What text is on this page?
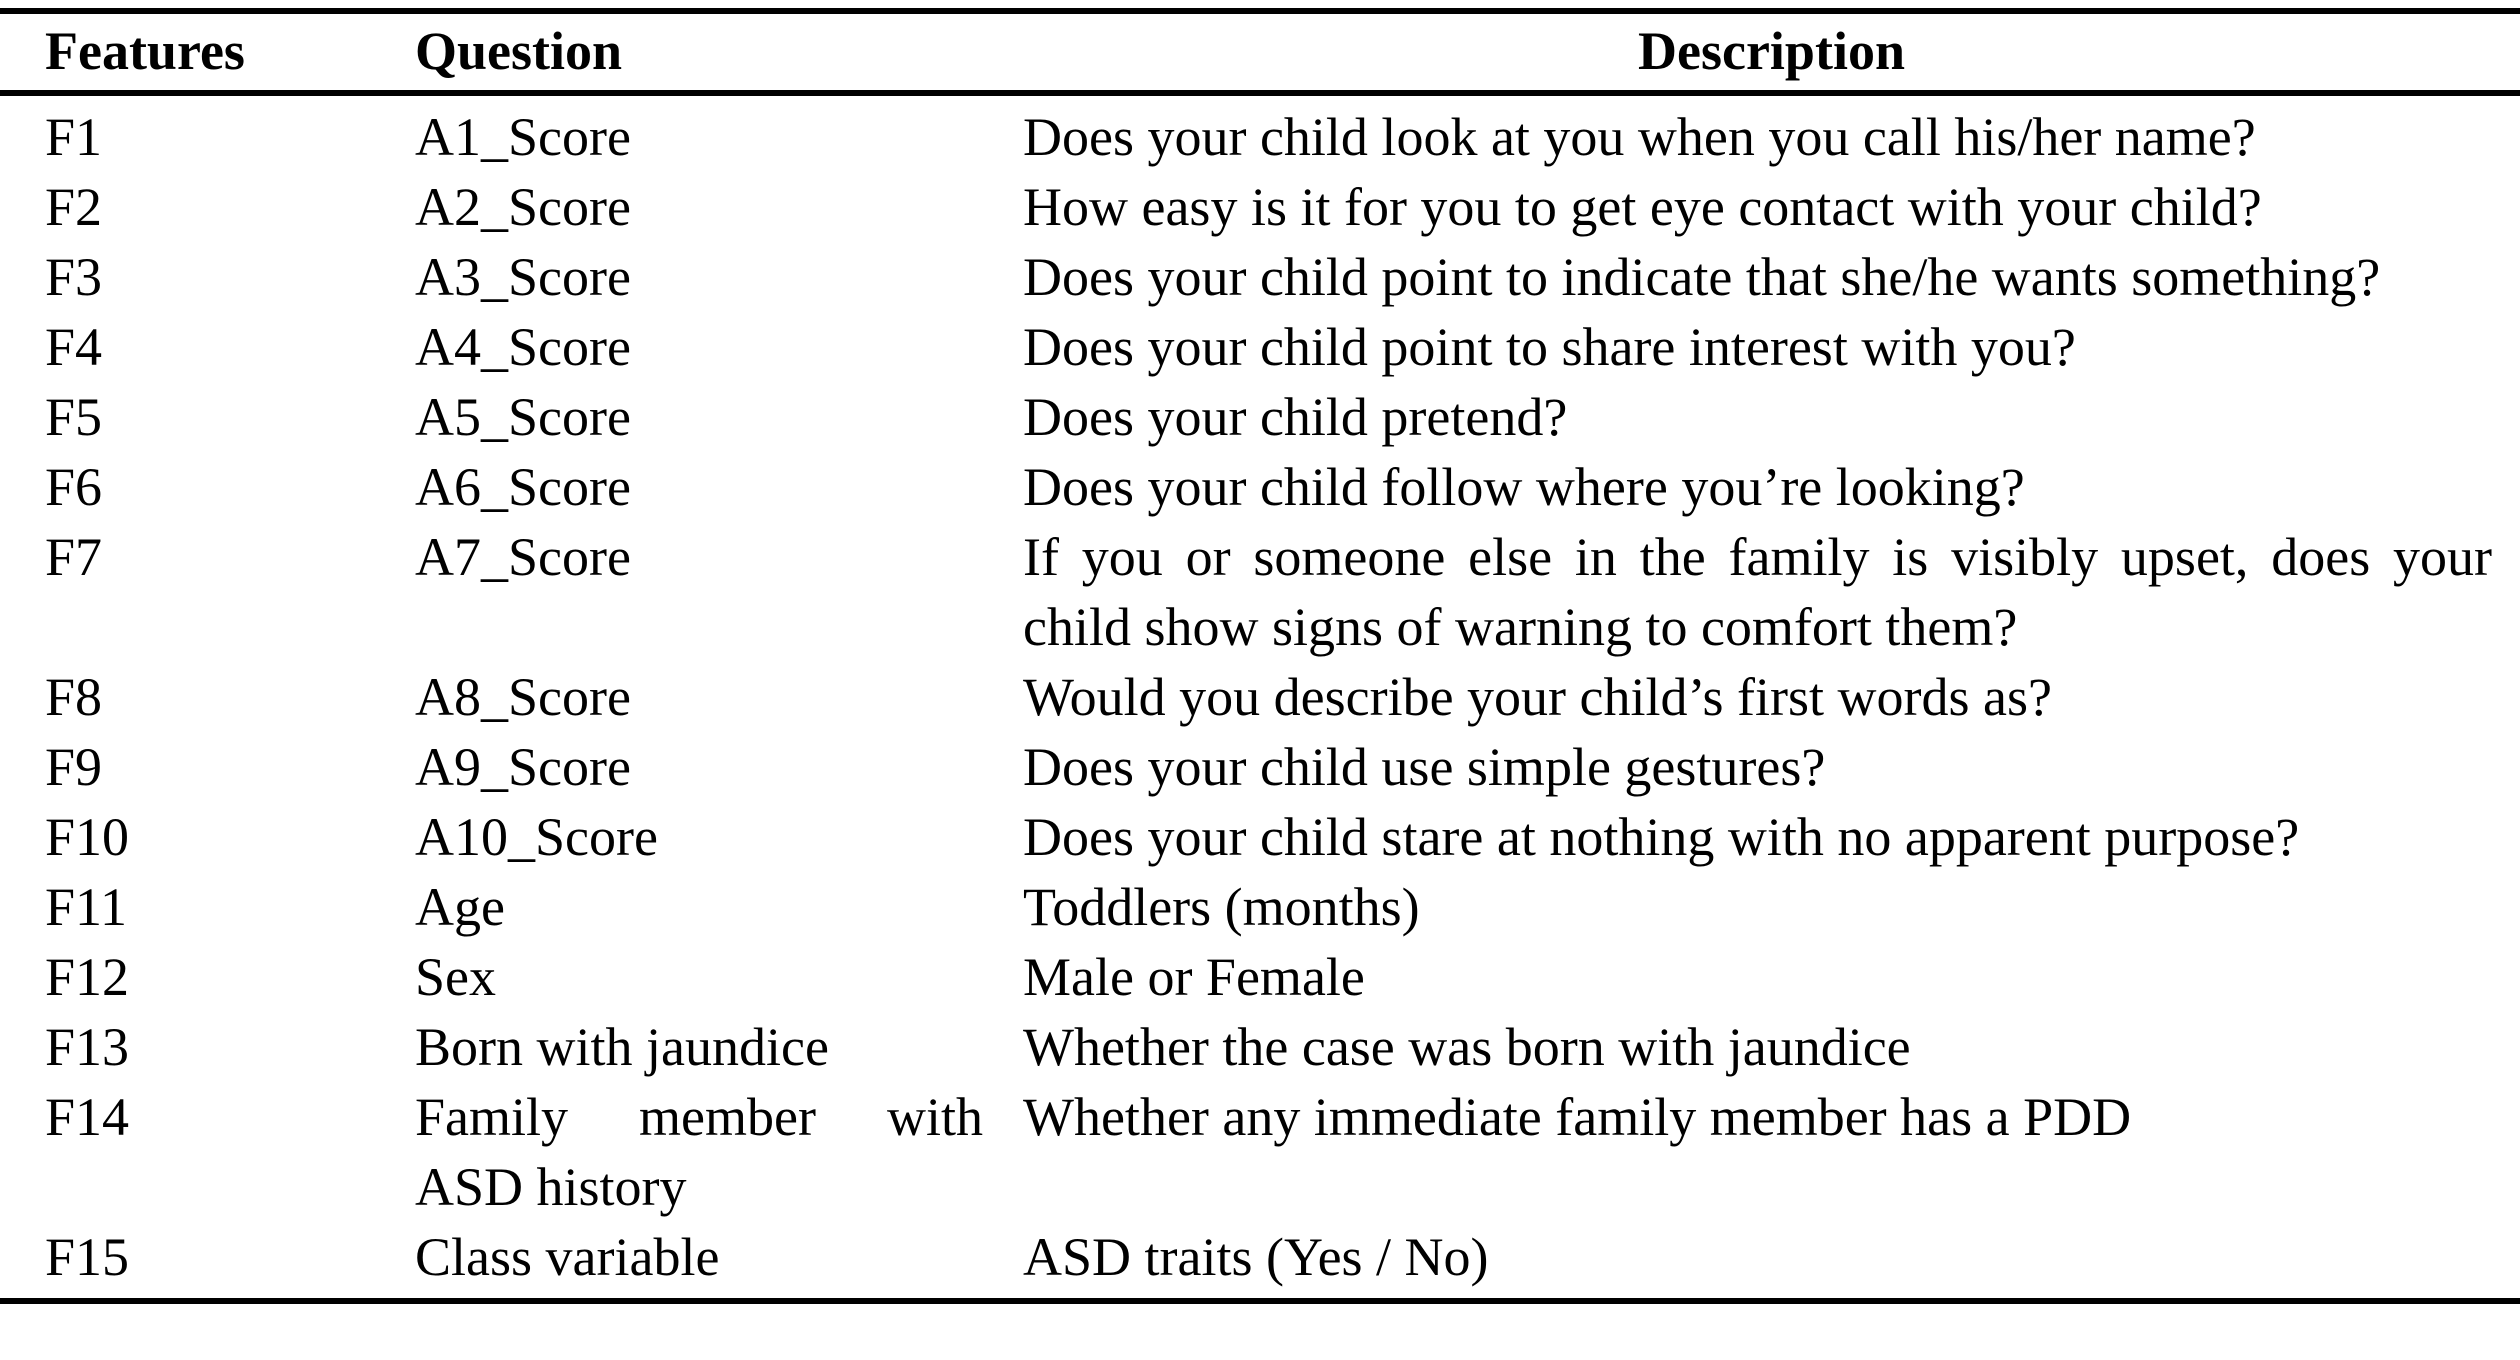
Features	Question	Description
F1	A1_Score	Does your child look at you when you call his/her name?
F2	A2_Score	How easy is it for you to get eye contact with your child?
F3	A3_Score	Does your child point to indicate that she/he wants something?
F4	A4_Score	Does your child point to share interest with you?
F5	A5_Score	Does your child pretend?
F6	A6_Score	Does your child follow where you’re looking?
F7	A7_Score	If you or someone else in the family is visibly upset, does your child show signs of warning to comfort them?
F8	A8_Score	Would you describe your child’s first words as?
F9	A9_Score	Does your child use simple gestures?
F10	A10_Score	Does your child stare at nothing with no apparent purpose?
F11	Age	Toddlers (months)
F12	Sex	Male or Female
F13	Born with jaundice	Whether the case was born with jaundice
F14	Family member with ASD history	Whether any immediate family member has a PDD
F15	Class variable	ASD traits (Yes / No)
